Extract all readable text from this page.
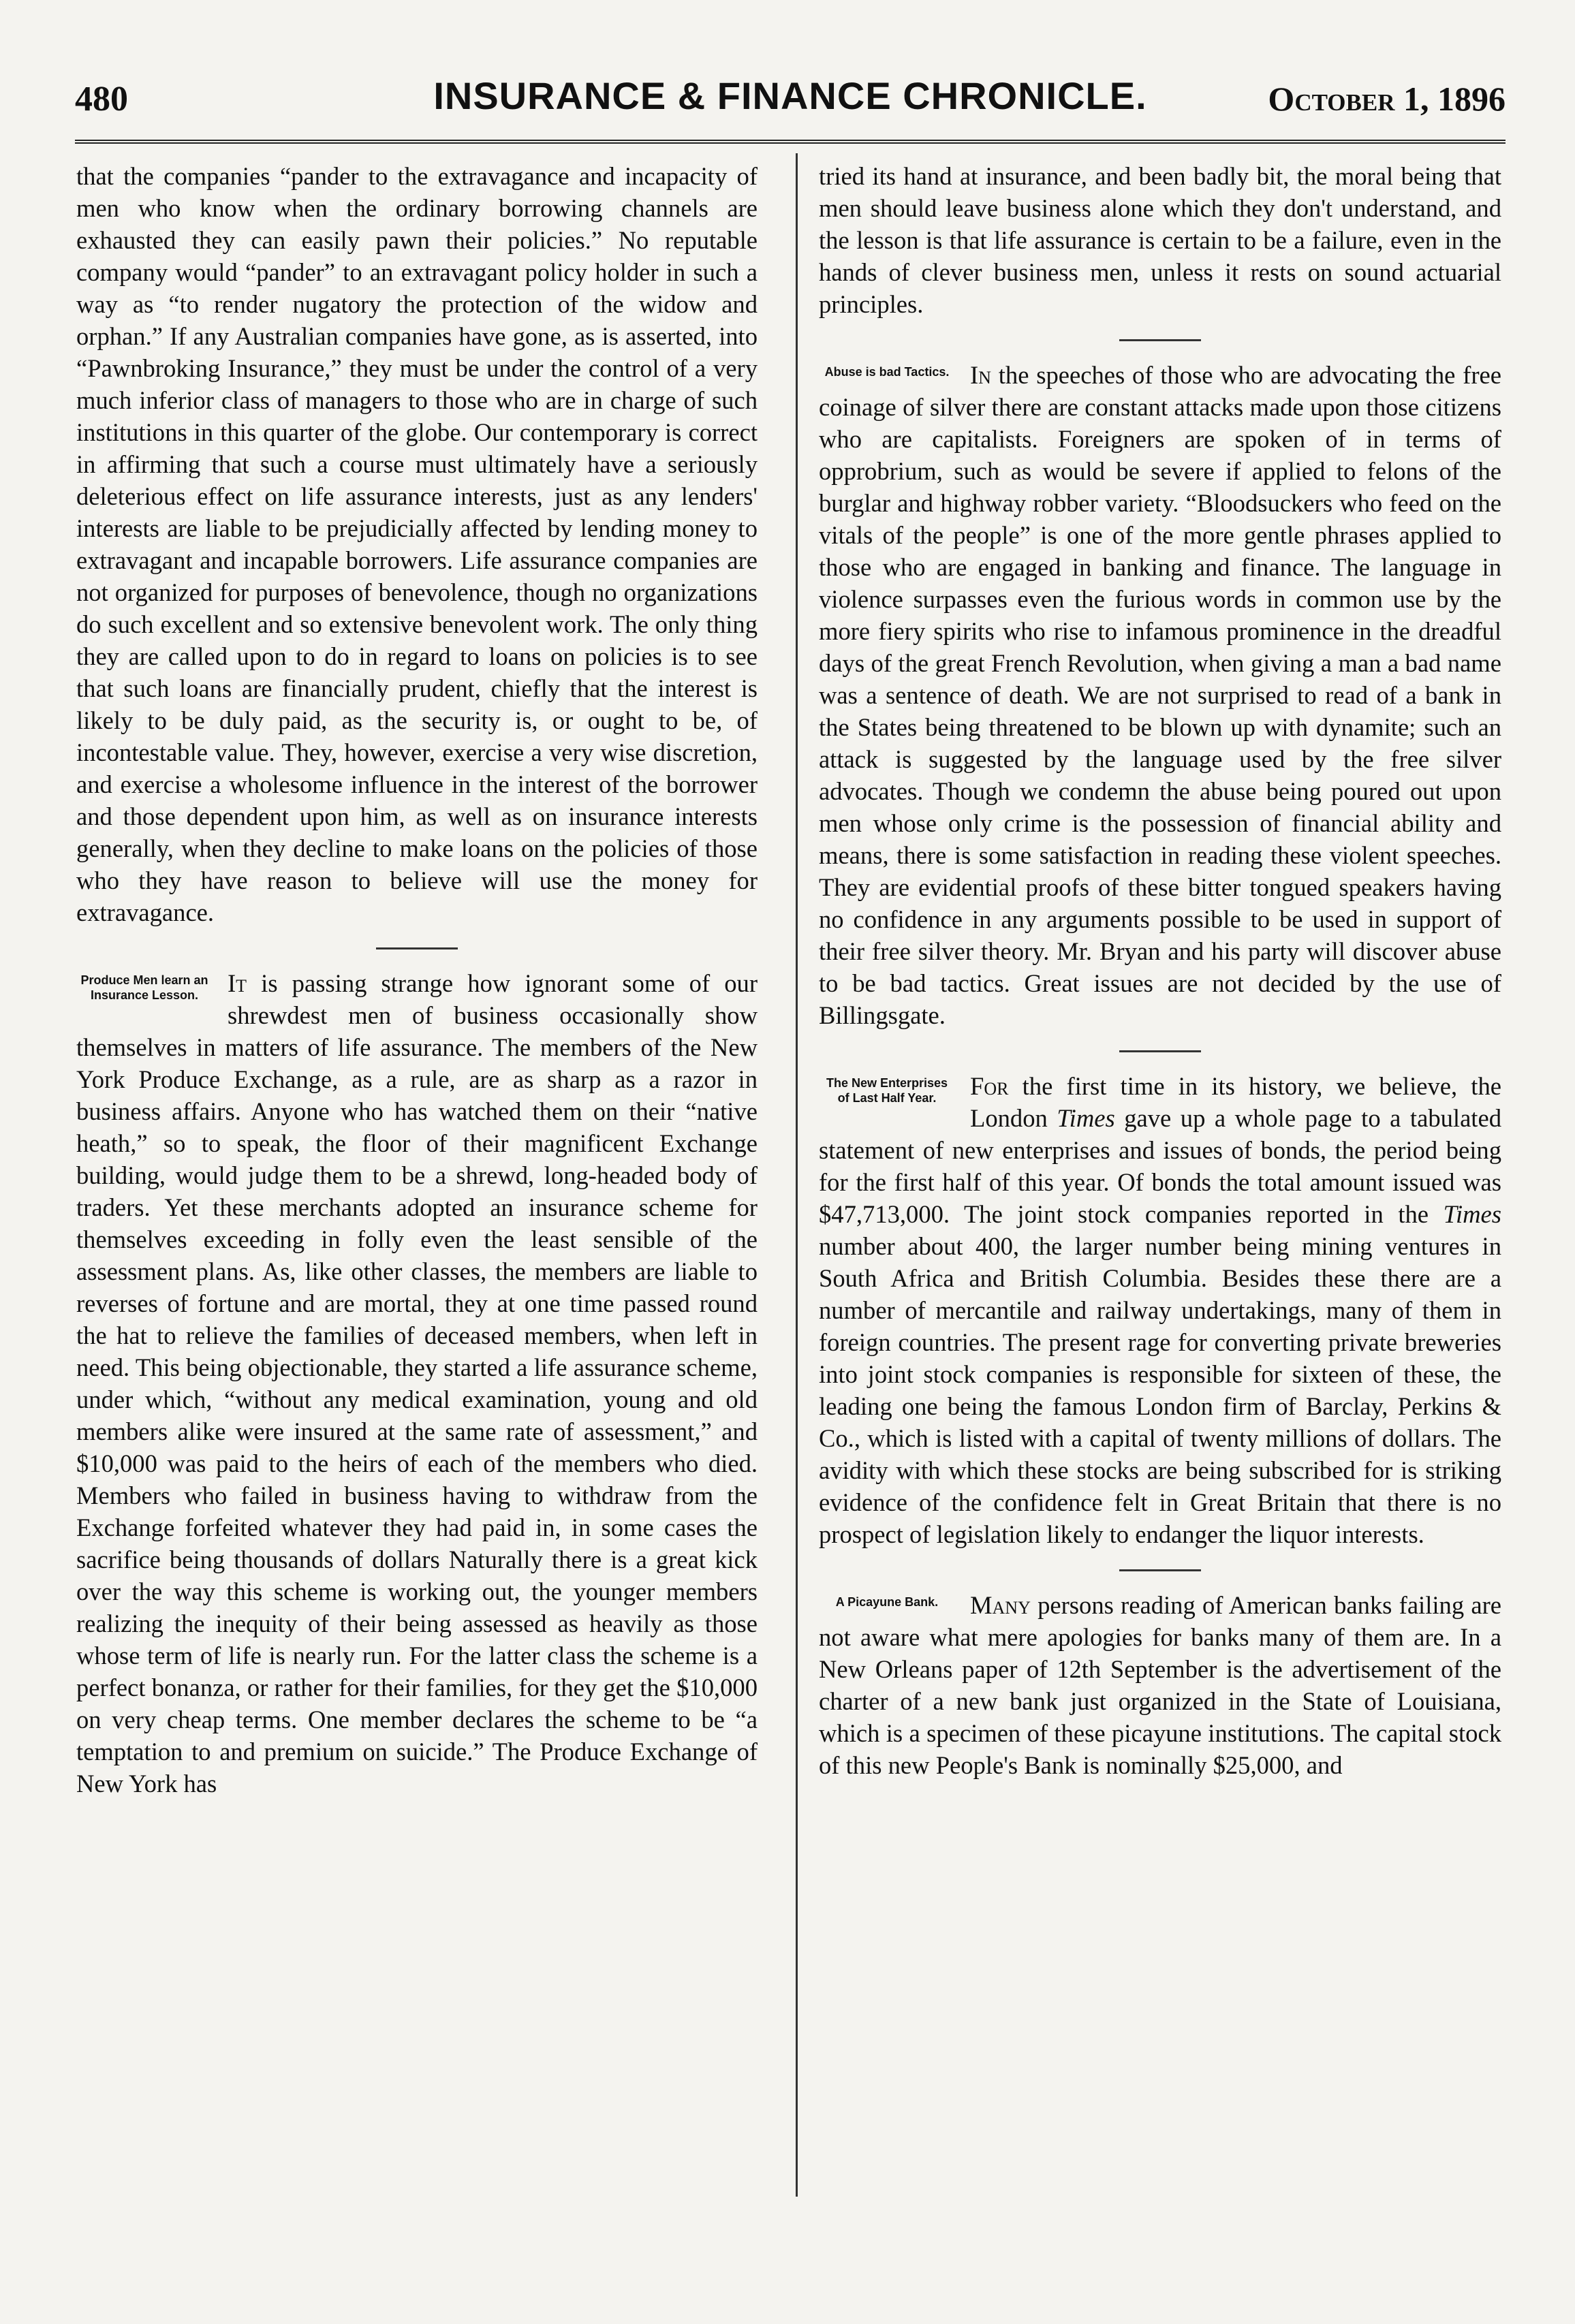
480	INSURANCE & FINANCE CHRONICLE.	October 1, 1896

that the companies “pander to the extravagance and incapacity of men who know when the ordinary borrowing channels are exhausted they can easily pawn their policies.” No reputable company would “pander” to an extravagant policy holder in such a way as “to render nugatory the protection of the widow and orphan.” If any Australian companies have gone, as is asserted, into “Pawnbroking Insurance,” they must be under the control of a very much inferior class of managers to those who are in charge of such institutions in this quarter of the globe. Our contemporary is correct in affirming that such a course must ultimately have a seriously deleterious effect on life assurance interests, just as any lenders' interests are liable to be prejudicially affected by lending money to extravagant and incapable borrowers. Life assurance companies are not organized for purposes of benevolence, though no organizations do such excellent and so extensive benevolent work. The only thing they are called upon to do in regard to loans on policies is to see that such loans are financially prudent, chiefly that the interest is likely to be duly paid, as the security is, or ought to be, of incontestable value. They, however, exercise a very wise discretion, and exercise a wholesome influence in the interest of the borrower and those dependent upon him, as well as on insurance interests generally, when they decline to make loans on the policies of those who they have reason to believe will use the money for extravagance.

Produce Men learn an Insurance Lesson.	It is passing strange how ignorant some of our shrewdest men of business occasionally show themselves in matters of life assurance. The members of the New York Produce Exchange, as a rule, are as sharp as a razor in business affairs. Anyone who has watched them on their “native heath,” so to speak, the floor of their magnificent Exchange building, would judge them to be a shrewd, long-headed body of traders. Yet these merchants adopted an insurance scheme for themselves exceeding in folly even the least sensible of the assessment plans. As, like other classes, the members are liable to reverses of fortune and are mortal, they at one time passed round the hat to relieve the families of deceased members, when left in need. This being objectionable, they started a life assurance scheme, under which, “without any medical examination, young and old members alike were insured at the same rate of assessment,” and $10,000 was paid to the heirs of each of the members who died. Members who failed in business having to withdraw from the Exchange forfeited whatever they had paid in, in some cases the sacrifice being thousands of dollars Naturally there is a great kick over the way this scheme is working out, the younger members realizing the inequity of their being assessed as heavily as those whose term of life is nearly run. For the latter class the scheme is a perfect bonanza, or rather for their families, for they get the $10,000 on very cheap terms. One member declares the scheme to be “a temptation to and premium on suicide.” The Produce Exchange of New York has

tried its hand at insurance, and been badly bit, the moral being that men should leave business alone which they don't understand, and the lesson is that life assurance is certain to be a failure, even in the hands of clever business men, unless it rests on sound actuarial principles.

Abuse is bad Tactics. In the speeches of those who are advocating the free coinage of silver there are constant attacks made upon those citizens who are capitalists. Foreigners are spoken of in terms of opprobrium, such as would be severe if applied to felons of the burglar and highway robber variety. “Bloodsuckers who feed on the vitals of the people” is one of the more gentle phrases applied to those who are engaged in banking and finance. The language in violence surpasses even the furious words in common use by the more fiery spirits who rise to infamous prominence in the dreadful days of the great French Revolution, when giving a man a bad name was a sentence of death. We are not surprised to read of a bank in the States being threatened to be blown up with dynamite; such an attack is suggested by the language used by the free silver advocates. Though we condemn the abuse being poured out upon men whose only crime is the possession of financial ability and means, there is some satisfaction in reading these violent speeches. They are evidential proofs of these bitter tongued speakers having no confidence in any arguments possible to be used in support of their free silver theory. Mr. Bryan and his party will discover abuse to be bad tactics. Great issues are not decided by the use of Billingsgate.

The New Enterprises of Last Half Year.	For the first time in its history, we believe, the London Times gave up a whole page to a tabulated statement of new enterprises and issues of bonds, the period being for the first half of this year. Of bonds the total amount issued was $47,713,000. The joint stock companies reported in the Times number about 400, the larger number being mining ventures in South Africa and British Columbia. Besides these there are a number of mercantile and railway undertakings, many of them in foreign countries. The present rage for converting private breweries into joint stock companies is responsible for sixteen of these, the leading one being the famous London firm of Barclay, Perkins & Co., which is listed with a capital of twenty millions of dollars. The avidity with which these stocks are being subscribed for is striking evidence of the confidence felt in Great Britain that there is no prospect of legislation likely to endanger the liquor interests.

A Picayune Bank.	Many persons reading of American banks failing are not aware what mere apologies for banks many of them are. In a New Orleans paper of 12th September is the advertisement of the charter of a new bank just organized in the State of Louisiana, which is a specimen of these picayune institutions. The capital stock of this new People's Bank is nominally $25,000, and
